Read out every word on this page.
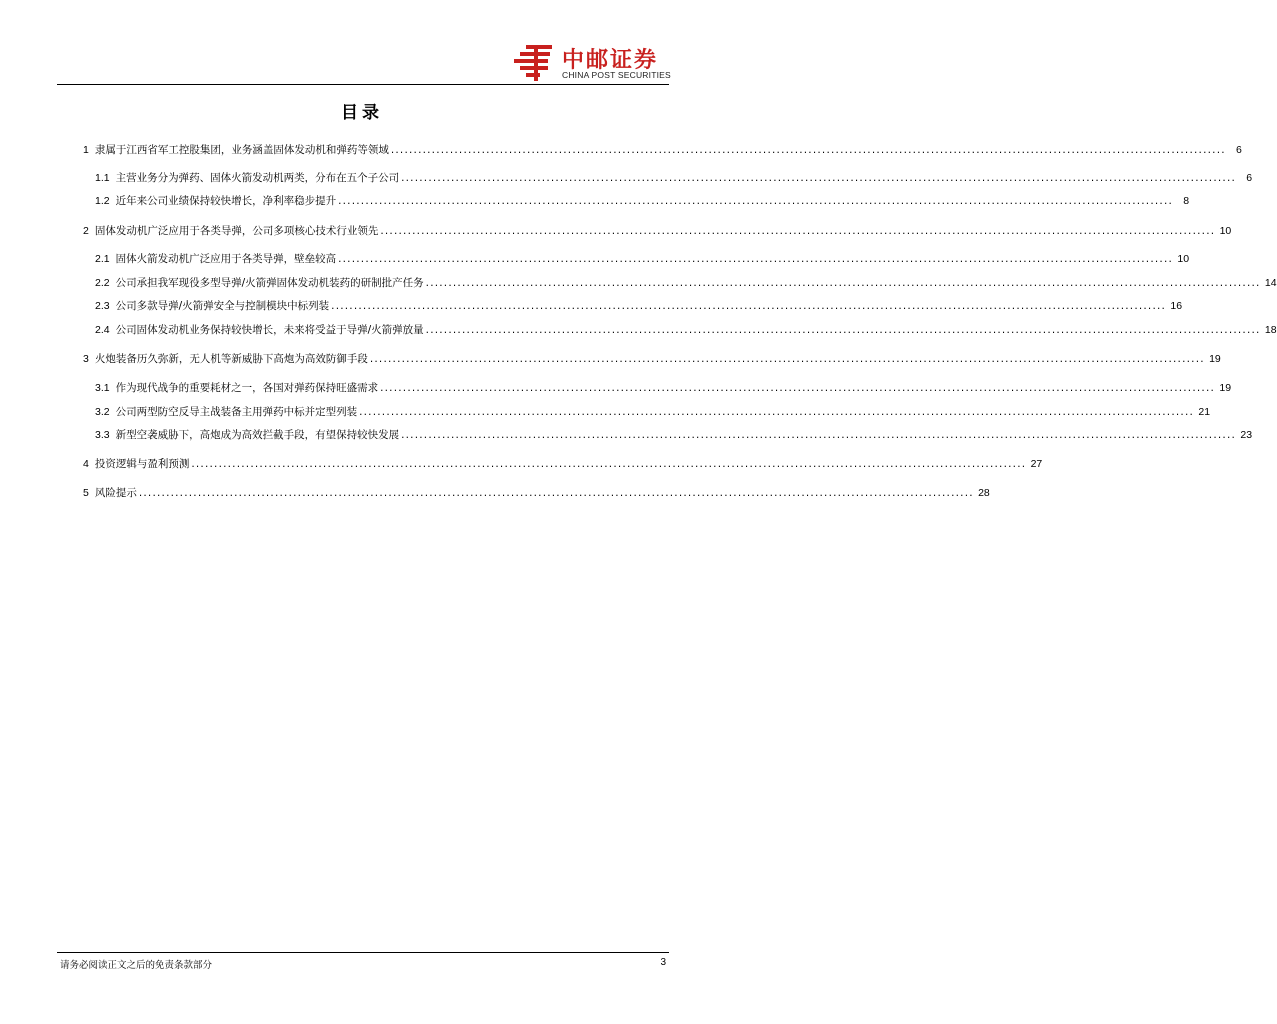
中邮证券
CHINA POST SECURITIES
目录
1 隶属于江西省军工控股集团，业务涵盖固体发动机和弹药等领域 .....	6
1.1 主营业务分为弹药、固体火箭发动机两类，分布在五个子公司 .....	6
1.2 近年来公司业绩保持较快增长，净利率稳步提升 .....	8
2 固体发动机广泛应用于各类导弹，公司多项核心技术行业领先 .....	10
2.1 固体火箭发动机广泛应用于各类导弹，壁垒较高 .....	10
2.2 公司承担我军现役多型导弹/火箭弹固体发动机装药的研制批产任务 .....	14
2.3 公司多款导弹/火箭弹安全与控制模块中标列装 .....	16
2.4 公司固体发动机业务保持较快增长，未来将受益于导弹/火箭弹放量 .....	18
3 火炮装备历久弥新，无人机等新威胁下高炮为高效防御手段 .....	19
3.1 作为现代战争的重要耗材之一，各国对弹药保持旺盛需求 .....	19
3.2 公司两型防空反导主战装备主用弹药中标并定型列装 .....	21
3.3 新型空袭威胁下，高炮成为高效拦截手段，有望保持较快发展 .....	23
4 投资逻辑与盈利预测 .....	27
5 风险提示 .....	28
请务必阅读正文之后的免责条款部分	3
